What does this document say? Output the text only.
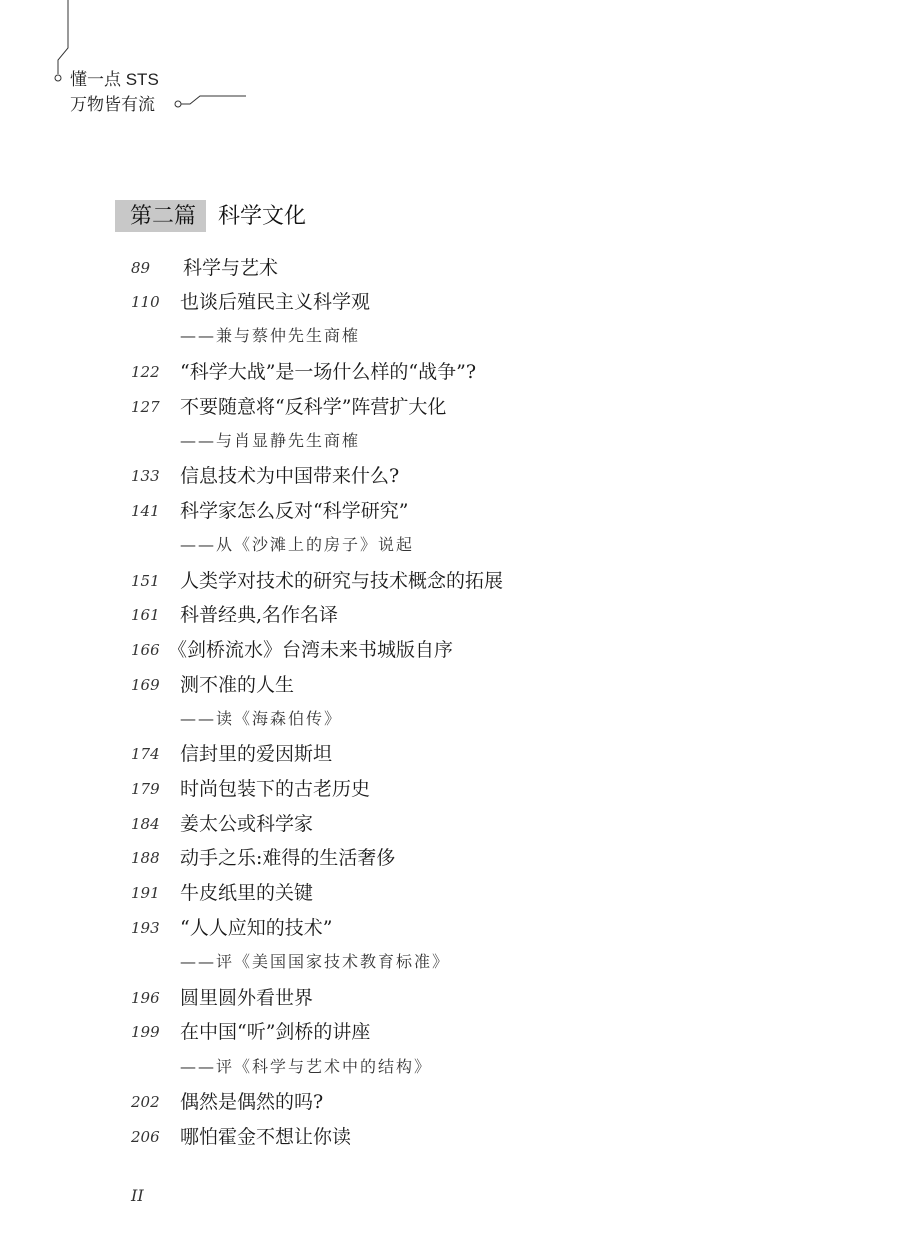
懂一点 STS
万物皆有流
第二篇	科学文化
89 科学与艺术
110 也谈后殖民主义科学观
——兼与蔡仲先生商榷
122 “科学大战”是一场什么样的“战争”?
127 不要随意将“反科学”阵营扩大化
——与肖显静先生商榷
133 信息技术为中国带来什么?
141 科学家怎么反对“科学研究”
——从《沙滩上的房子》说起
151 人类学对技术的研究与技术概念的拓展
161 科普经典,名作名译
166 《剑桥流水》台湾未来书城版自序
169 测不准的人生
——读《海森伯传》
174 信封里的爱因斯坦
179 时尚包装下的古老历史
184 姜太公或科学家
188 动手之乐:难得的生活奢侈
191 牛皮纸里的关键
193 “人人应知的技术”
——评《美国国家技术教育标准》
196 圆里圆外看世界
199 在中国“听”剑桥的讲座
——评《科学与艺术中的结构》
202 偶然是偶然的吗?
206 哪怕霍金不想让你读
II
